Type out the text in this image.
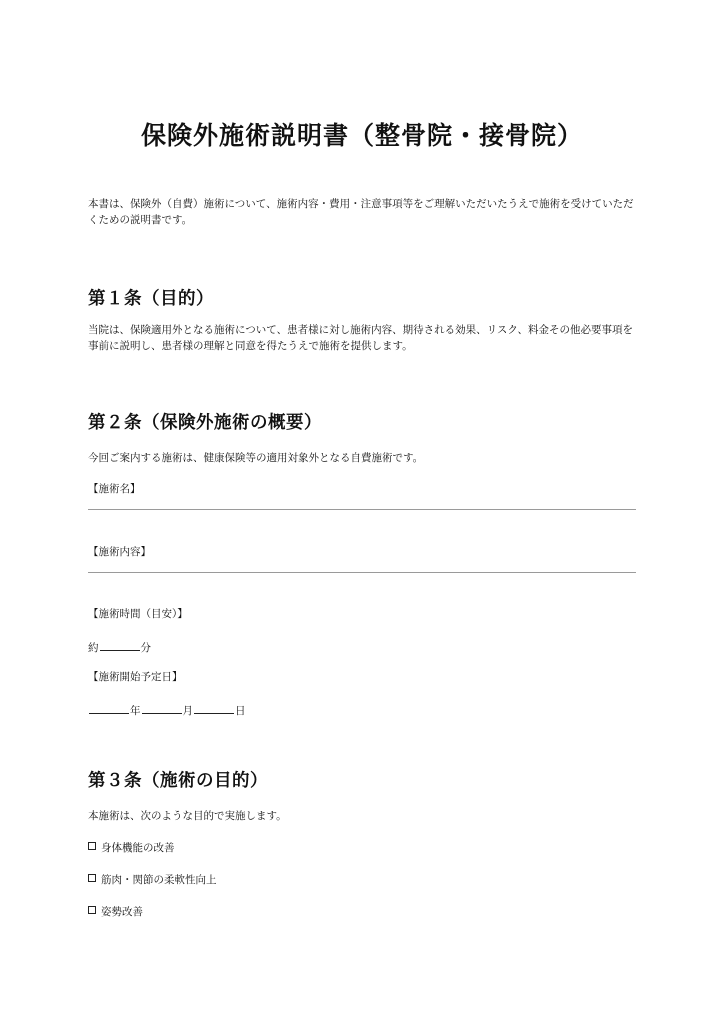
保険外施術説明書（整骨院・接骨院）

本書は、保険外（自費）施術について、施術内容・費用・注意事項等をご理解いただいたうえで施術を受けていただくための説明書です。

第１条（目的）

当院は、保険適用外となる施術について、患者様に対し施術内容、期待される効果、リスク、料金その他必要事項を事前に説明し、患者様の理解と同意を得たうえで施術を提供します。

第２条（保険外施術の概要）

今回ご案内する施術は、健康保険等の適用対象外となる自費施術です。

【施術名】

【施術内容】

【施術時間（目安）】

約	分

【施術開始予定日】

年	月	日

第３条（施術の目的）

本施術は、次のような目的で実施します。

身体機能の改善

筋肉・関節の柔軟性向上

姿勢改善
